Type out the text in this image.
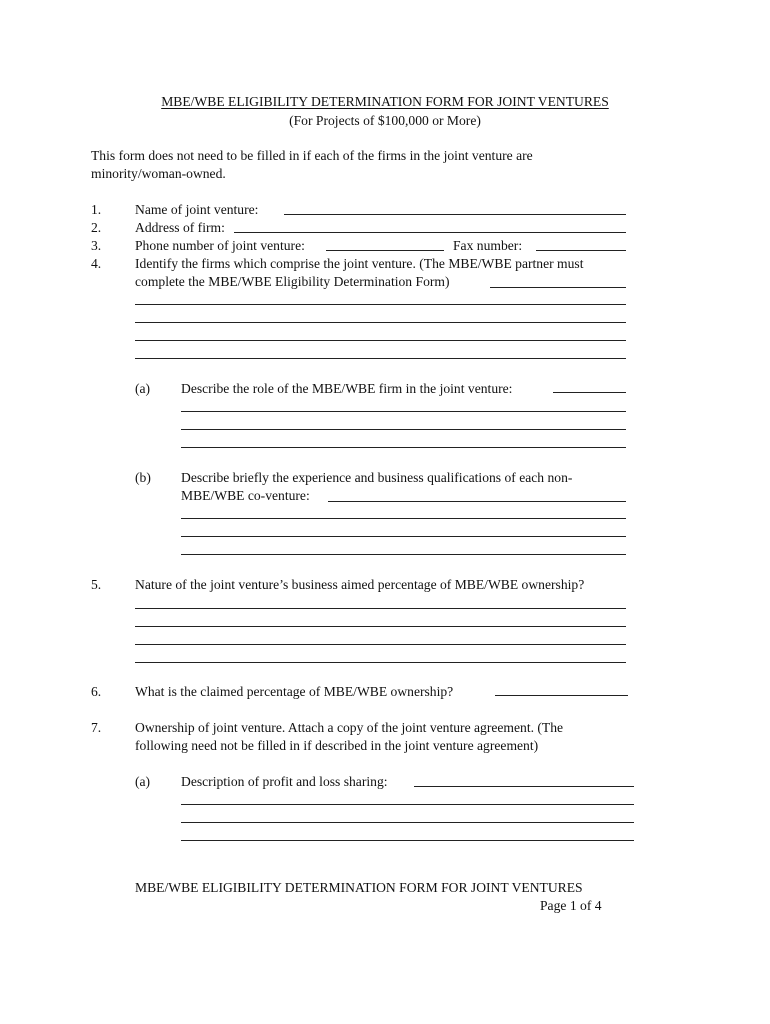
MBE/WBE ELIGIBILITY DETERMINATION FORM FOR JOINT VENTURES
(For Projects of $100,000 or More)
This form does not need to be filled in if each of the firms in the joint venture are
minority/woman-owned.
1. Name of joint venture:
2. Address of firm:
3. Phone number of joint venture:	Fax number:
4. Identify the firms which comprise the joint venture. (The MBE/WBE partner must
complete the MBE/WBE Eligibility Determination Form)
(a) Describe the role of the MBE/WBE firm in the joint venture:
(b) Describe briefly the experience and business qualifications of each non-
MBE/WBE co-venture:
5. Nature of the joint venture’s business aimed percentage of MBE/WBE ownership?
6. What is the claimed percentage of MBE/WBE ownership?
7. Ownership of joint venture. Attach a copy of the joint venture agreement. (The
following need not be filled in if described in the joint venture agreement)
(a) Description of profit and loss sharing:
MBE/WBE ELIGIBILITY DETERMINATION FORM FOR JOINT VENTURES
Page 1 of 4
